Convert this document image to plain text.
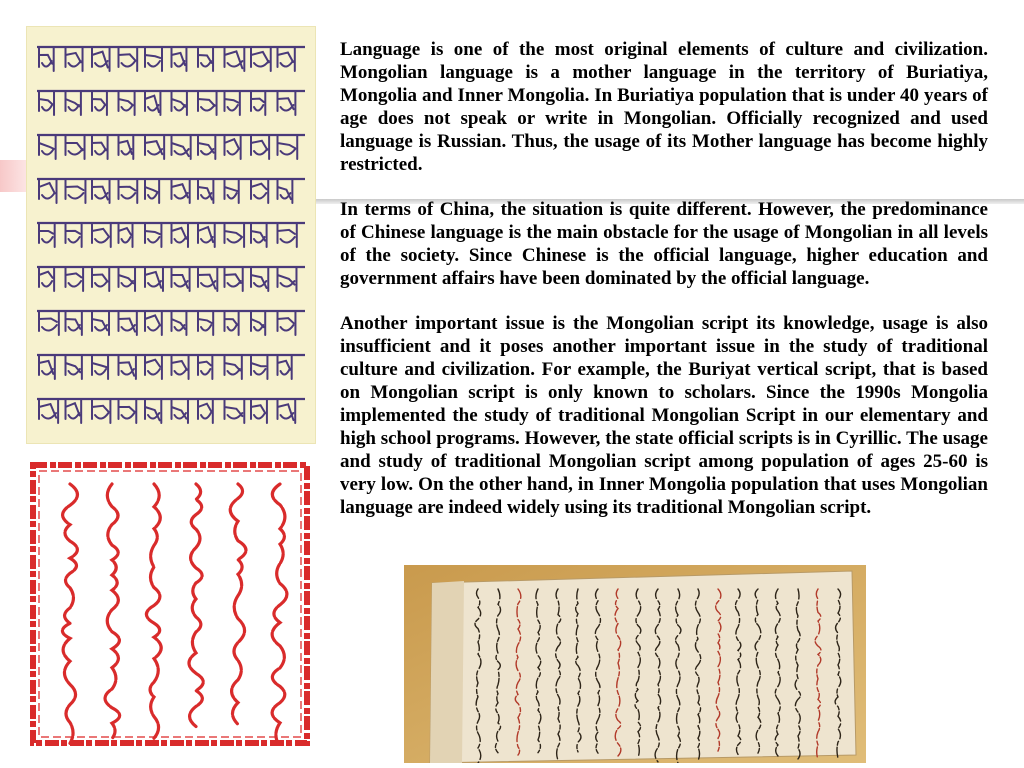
Language is one of the most original elements of culture and civilization. Mongolian language is a mother language in the territory of Buriatiya, Mongolia and Inner Mongolia. In Buriatiya population that is under 40 years of age does not speak or write in Mongolian. Officially recognized and used language is Russian. Thus, the usage of its Mother language has become highly restricted.

In terms of China, the situation is quite different. However, the predominance of Chinese language is the main obstacle for the usage of Mongolian in all levels of the society. Since Chinese is the official language, higher education and government affairs have been dominated by the official language.

Another important issue is the Mongolian script its knowledge, usage is also insufficient and it poses another important issue in the study of traditional culture and civilization. For example, the Buriyat vertical script, that is based on Mongolian script is only known to scholars. Since the 1990s Mongolia implemented the study of traditional Mongolian Script in our elementary and high school programs. However, the state official scripts is in Cyrillic. The usage and study of traditional Mongolian script among population of ages 25-60 is very low. On the other hand, in Inner Mongolia population that uses Mongolian language are indeed widely using its traditional Mongolian script.
